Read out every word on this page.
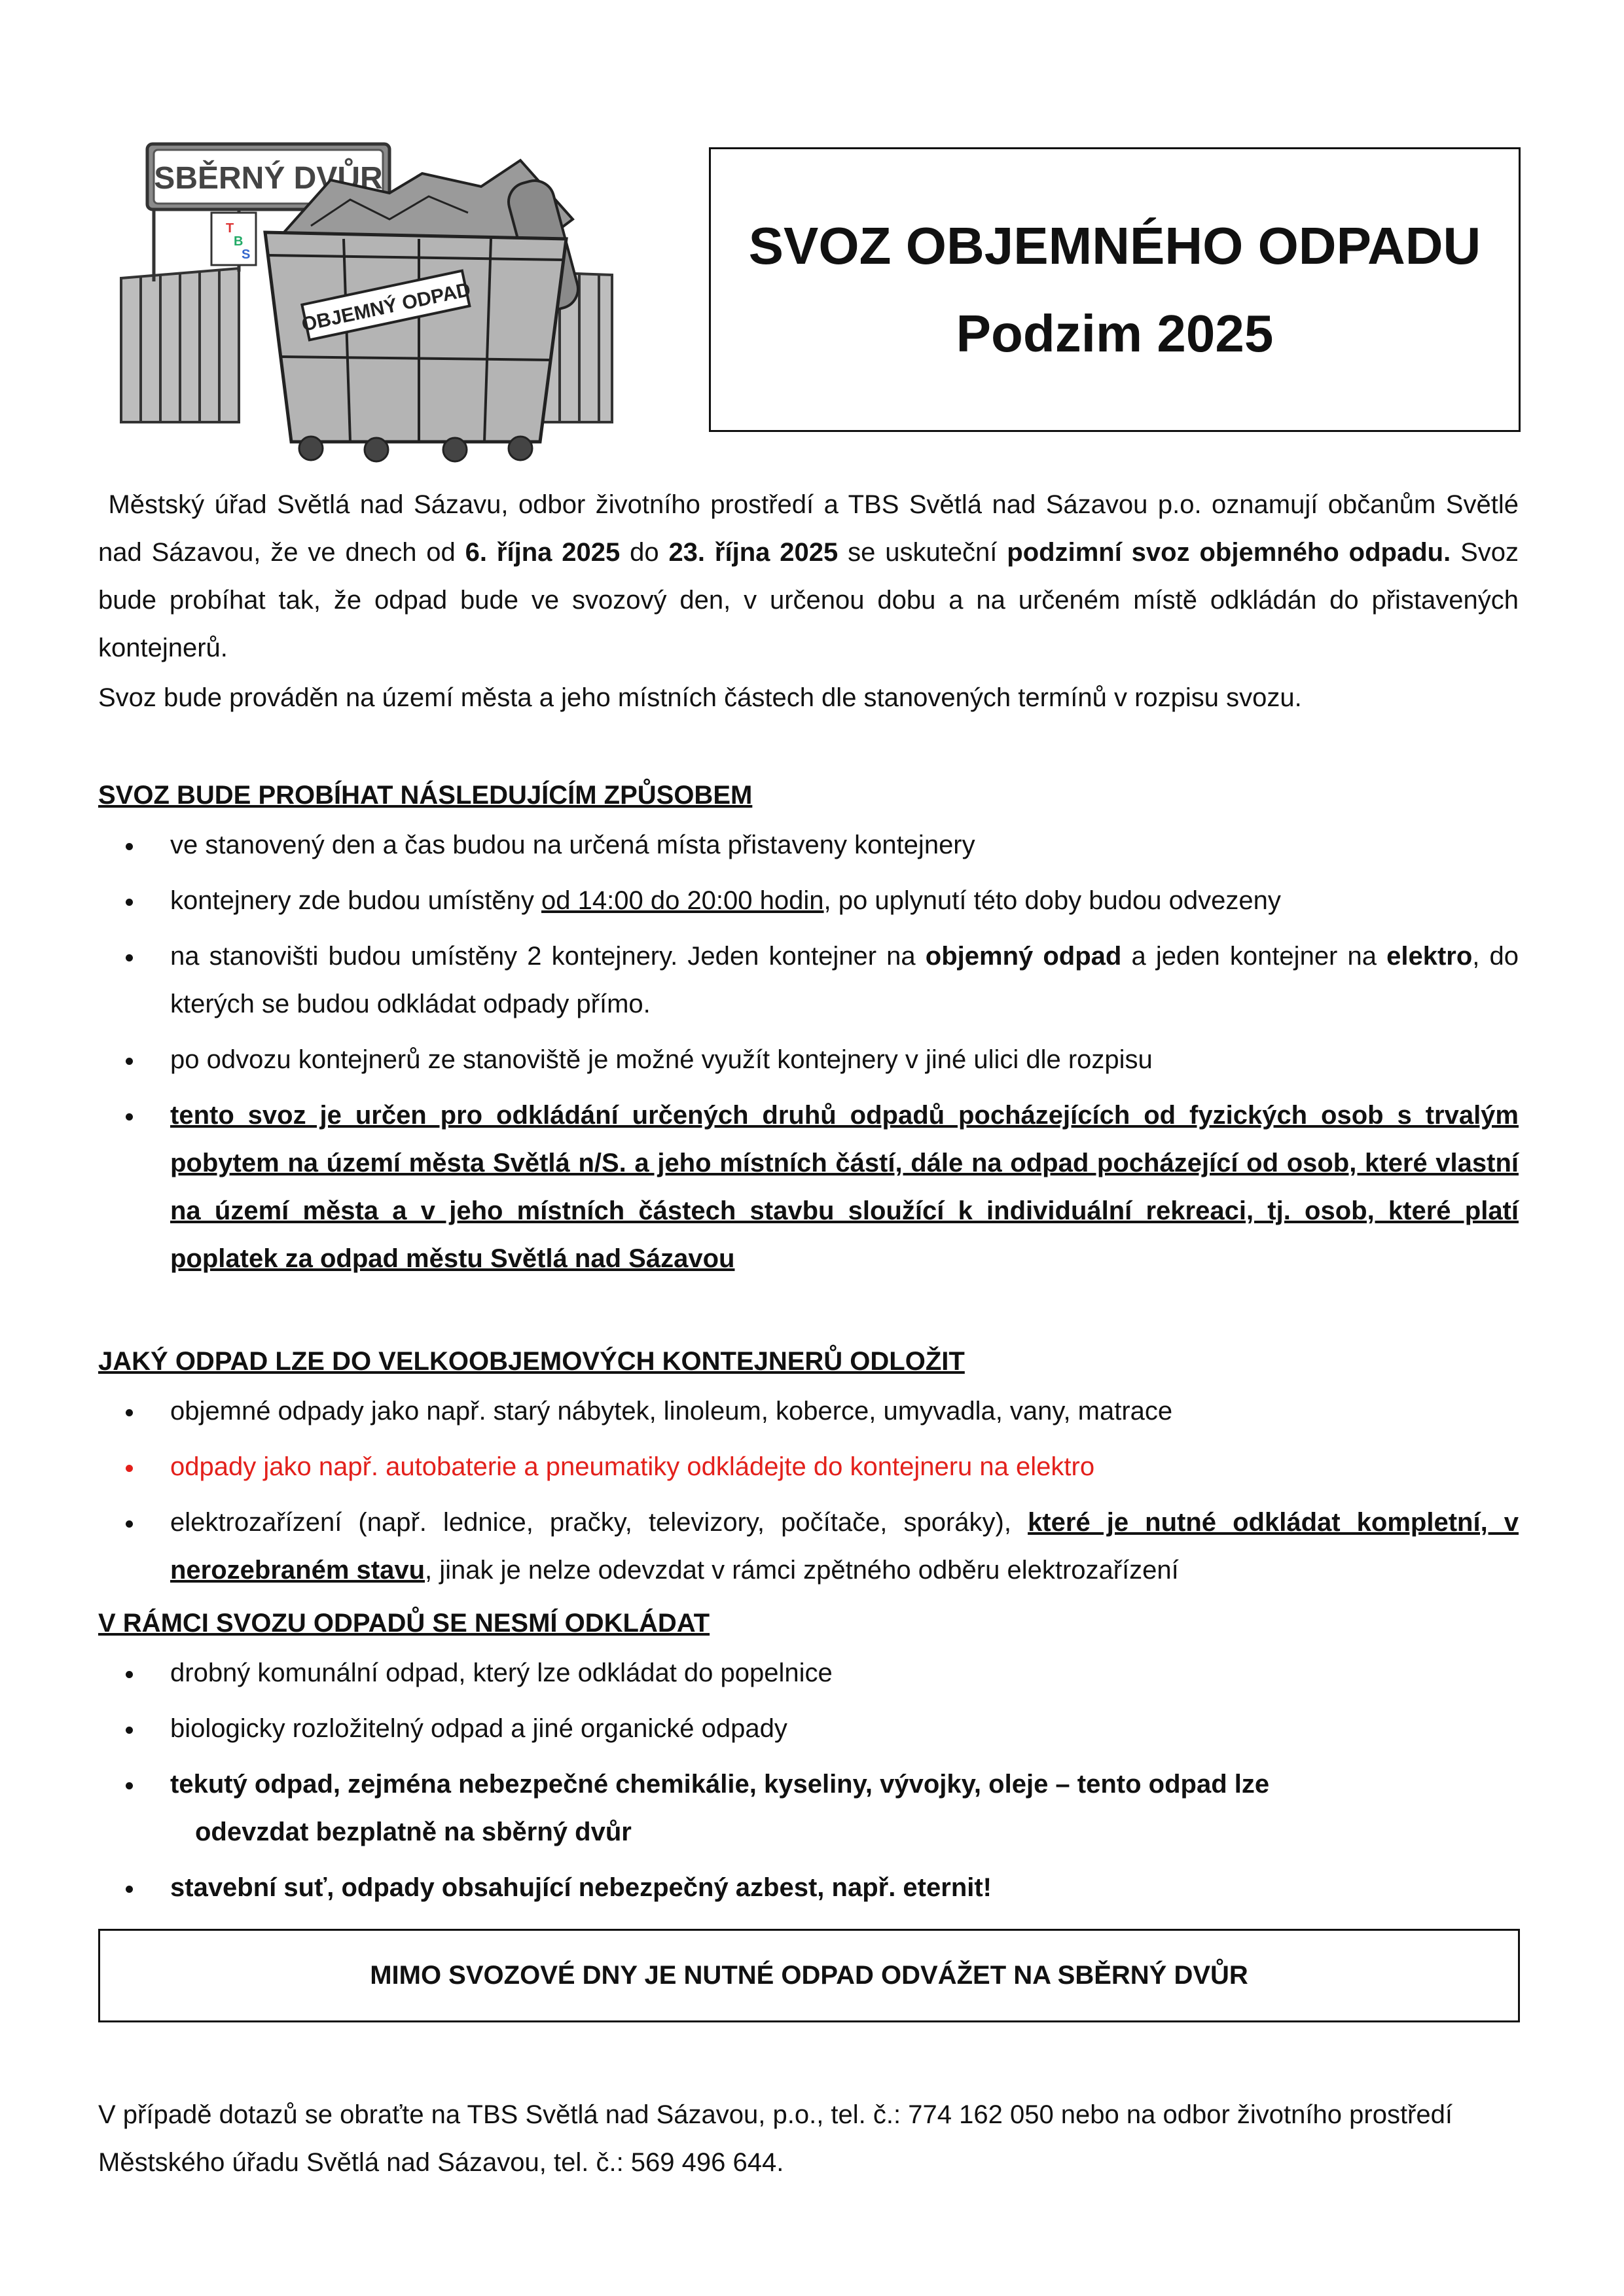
SBĚRNÝ DVŮR
T
B
S
OBJEMNÝ ODPAD
SVOZ OBJEMNÉHO ODPADU
Podzim 2025
Městský úřad Světlá nad Sázavu, odbor životního prostředí a TBS Světlá nad Sázavou p.o. oznamují občanům Světlé nad Sázavou, že ve dnech od 6. října 2025 do 23. října 2025 se uskuteční podzimní svoz objemného odpadu. Svoz bude probíhat tak, že odpad bude ve svozový den, v určenou dobu a na určeném místě odkládán do přistavených kontejnerů.
Svoz bude prováděn na území města a jeho místních částech dle stanovených termínů v rozpisu svozu.
SVOZ BUDE PROBÍHAT NÁSLEDUJÍCÍM ZPŮSOBEM
ve stanovený den a čas budou na určená místa přistaveny kontejnery
kontejnery zde budou umístěny od 14:00 do 20:00 hodin, po uplynutí této doby budou odvezeny
na stanovišti budou umístěny 2 kontejnery. Jeden kontejner na objemný odpad a jeden kontejner na elektro, do kterých se budou odkládat odpady přímo.
po odvozu kontejnerů ze stanoviště je možné využít kontejnery v jiné ulici dle rozpisu
tento svoz je určen pro odkládání určených druhů odpadů pocházejících od fyzických osob s trvalým pobytem na území města Světlá n/S. a jeho místních částí, dále na odpad pocházející od osob, které vlastní na území města a v jeho místních částech stavbu sloužící k individuální rekreaci, tj. osob, které platí poplatek za odpad městu Světlá nad Sázavou
JAKÝ ODPAD LZE DO VELKOOBJEMOVÝCH KONTEJNERŮ ODLOŽIT
objemné odpady jako např. starý nábytek, linoleum, koberce, umyvadla, vany, matrace
odpady jako např. autobaterie a pneumatiky odkládejte do kontejneru na elektro
elektrozařízení (např. lednice, pračky, televizory, počítače, sporáky), které je nutné odkládat kompletní, v nerozebraném stavu, jinak je nelze odevzdat v rámci zpětného odběru elektrozařízení
V RÁMCI SVOZU ODPADŮ SE NESMÍ ODKLÁDAT
drobný komunální odpad, který lze odkládat do popelnice
biologicky rozložitelný odpad a jiné organické odpady
tekutý odpad, zejména nebezpečné chemikálie, kyseliny, vývojky, oleje – tento odpad lze
odevzdat bezplatně na sběrný dvůr
stavební suť, odpady obsahující nebezpečný azbest, např. eternit!
MIMO SVOZOVÉ DNY JE NUTNÉ ODPAD ODVÁŽET NA SBĚRNÝ DVŮR
V případě dotazů se obraťte na TBS Světlá nad Sázavou, p.o., tel. č.: 774 162 050 nebo na odbor životního prostředí Městského úřadu Světlá nad Sázavou, tel. č.: 569 496 644.
